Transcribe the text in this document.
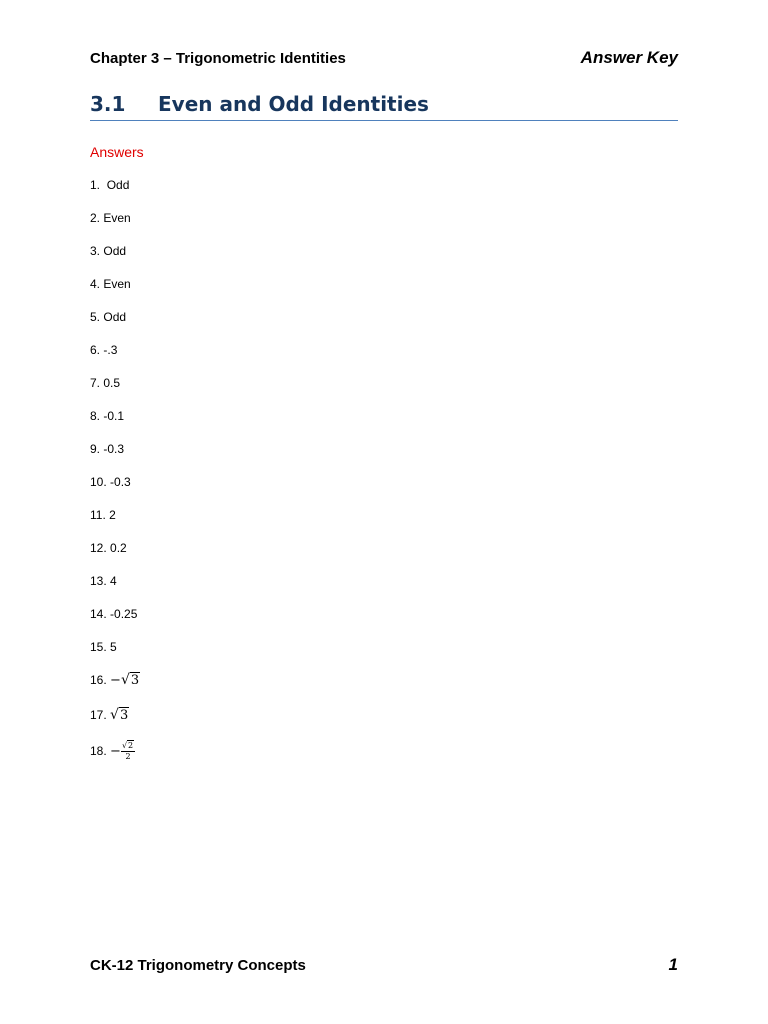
Chapter 3 – Trigonometric Identities	Answer Key
3.1 Even and Odd Identities
Answers
1. Odd
2. Even
3. Odd
4. Even
5. Odd
6. -.3
7. 0.5
8. -0.1
9. -0.3
10. -0.3
11. 2
12. 0.2
13. 4
14. -0.25
15. 5
16. −√3
17. √3
18. − $\frac{√2}{2}$
CK-12 Trigonometry Concepts	1
